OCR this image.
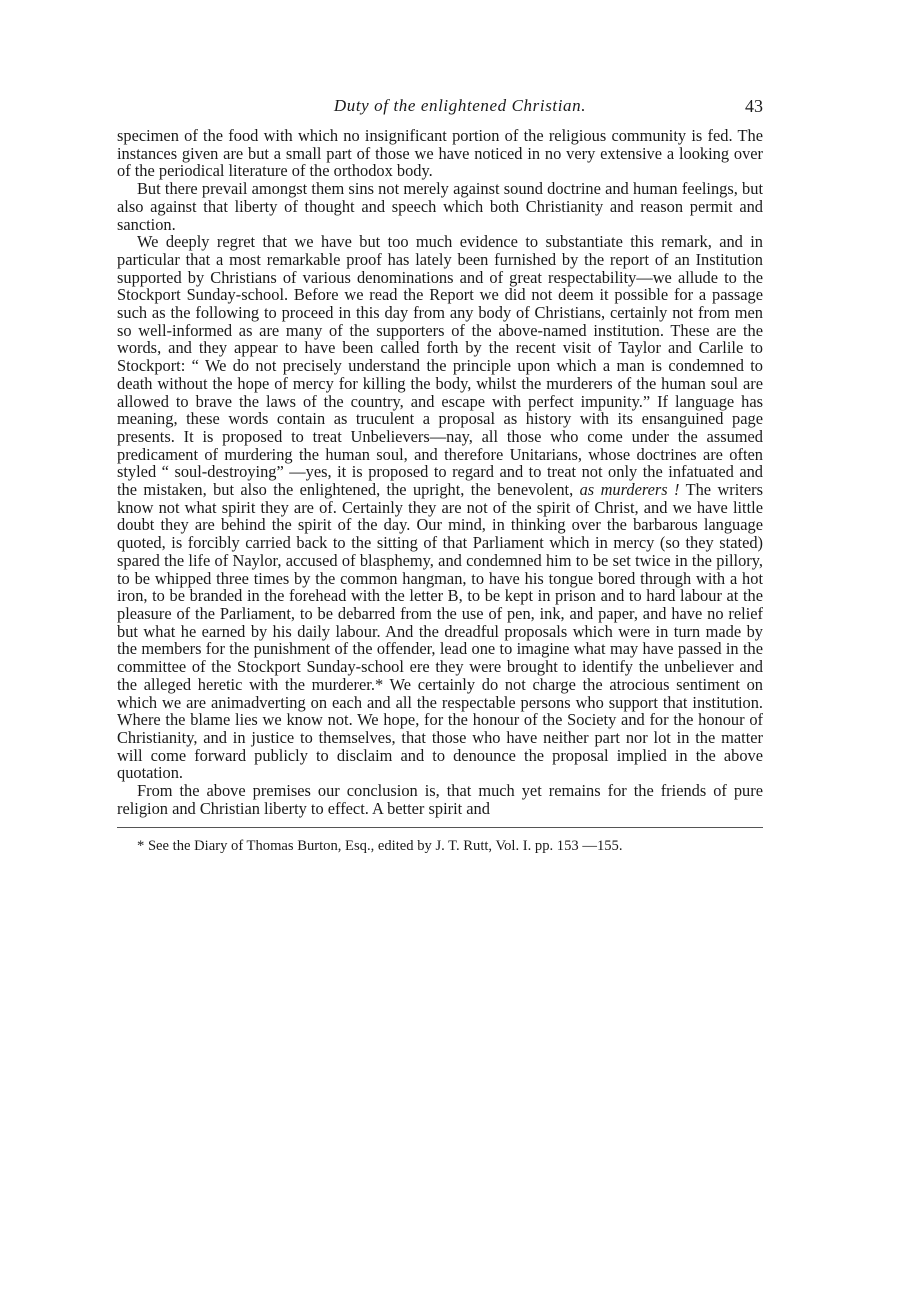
Duty of the enlightened Christian.	43

specimen of the food with which no insignificant portion of the religious community is fed. The instances given are but a small part of those we have noticed in no very extensive a looking over of the periodical literature of the orthodox body.

But there prevail amongst them sins not merely against sound doctrine and human feelings, but also against that liberty of thought and speech which both Christianity and reason permit and sanction.

We deeply regret that we have but too much evidence to substantiate this remark, and in particular that a most remarkable proof has lately been furnished by the report of an Institution supported by Christians of various denominations and of great respectability—we allude to the Stockport Sunday-school. Before we read the Report we did not deem it possible for a passage such as the following to proceed in this day from any body of Christians, certainly not from men so well-informed as are many of the supporters of the above-named institution. These are the words, and they appear to have been called forth by the recent visit of Taylor and Carlile to Stockport: “ We do not precisely understand the principle upon which a man is condemned to death without the hope of mercy for killing the body, whilst the murderers of the human soul are allowed to brave the laws of the country, and escape with perfect impunity.” If language has meaning, these words contain as truculent a proposal as history with its ensanguined page presents. It is proposed to treat Unbelievers—nay, all those who come under the assumed predicament of murdering the human soul, and therefore Unitarians, whose doctrines are often styled “ soul-destroying” —yes, it is proposed to regard and to treat not only the infatuated and the mistaken, but also the enlightened, the upright, the benevolent, as murderers ! The writers know not what spirit they are of. Certainly they are not of the spirit of Christ, and we have little doubt they are behind the spirit of the day. Our mind, in thinking over the barbarous language quoted, is forcibly carried back to the sitting of that Parliament which in mercy (so they stated) spared the life of Naylor, accused of blasphemy, and condemned him to be set twice in the pillory, to be whipped three times by the common hangman, to have his tongue bored through with a hot iron, to be branded in the forehead with the letter B, to be kept in prison and to hard labour at the pleasure of the Parliament, to be debarred from the use of pen, ink, and paper, and have no relief but what he earned by his daily labour. And the dreadful proposals which were in turn made by the members for the punishment of the offender, lead one to imagine what may have passed in the committee of the Stockport Sunday-school ere they were brought to identify the unbeliever and the alleged heretic with the murderer.* We certainly do not charge the atrocious sentiment on which we are animadverting on each and all the respectable persons who support that institution. Where the blame lies we know not. We hope, for the honour of the Society and for the honour of Christianity, and in justice to themselves, that those who have neither part nor lot in the matter will come forward publicly to disclaim and to denounce the proposal implied in the above quotation.

From the above premises our conclusion is, that much yet remains for the friends of pure religion and Christian liberty to effect. A better spirit and

* See the Diary of Thomas Burton, Esq., edited by J. T. Rutt, Vol. I. pp. 153 —155.
